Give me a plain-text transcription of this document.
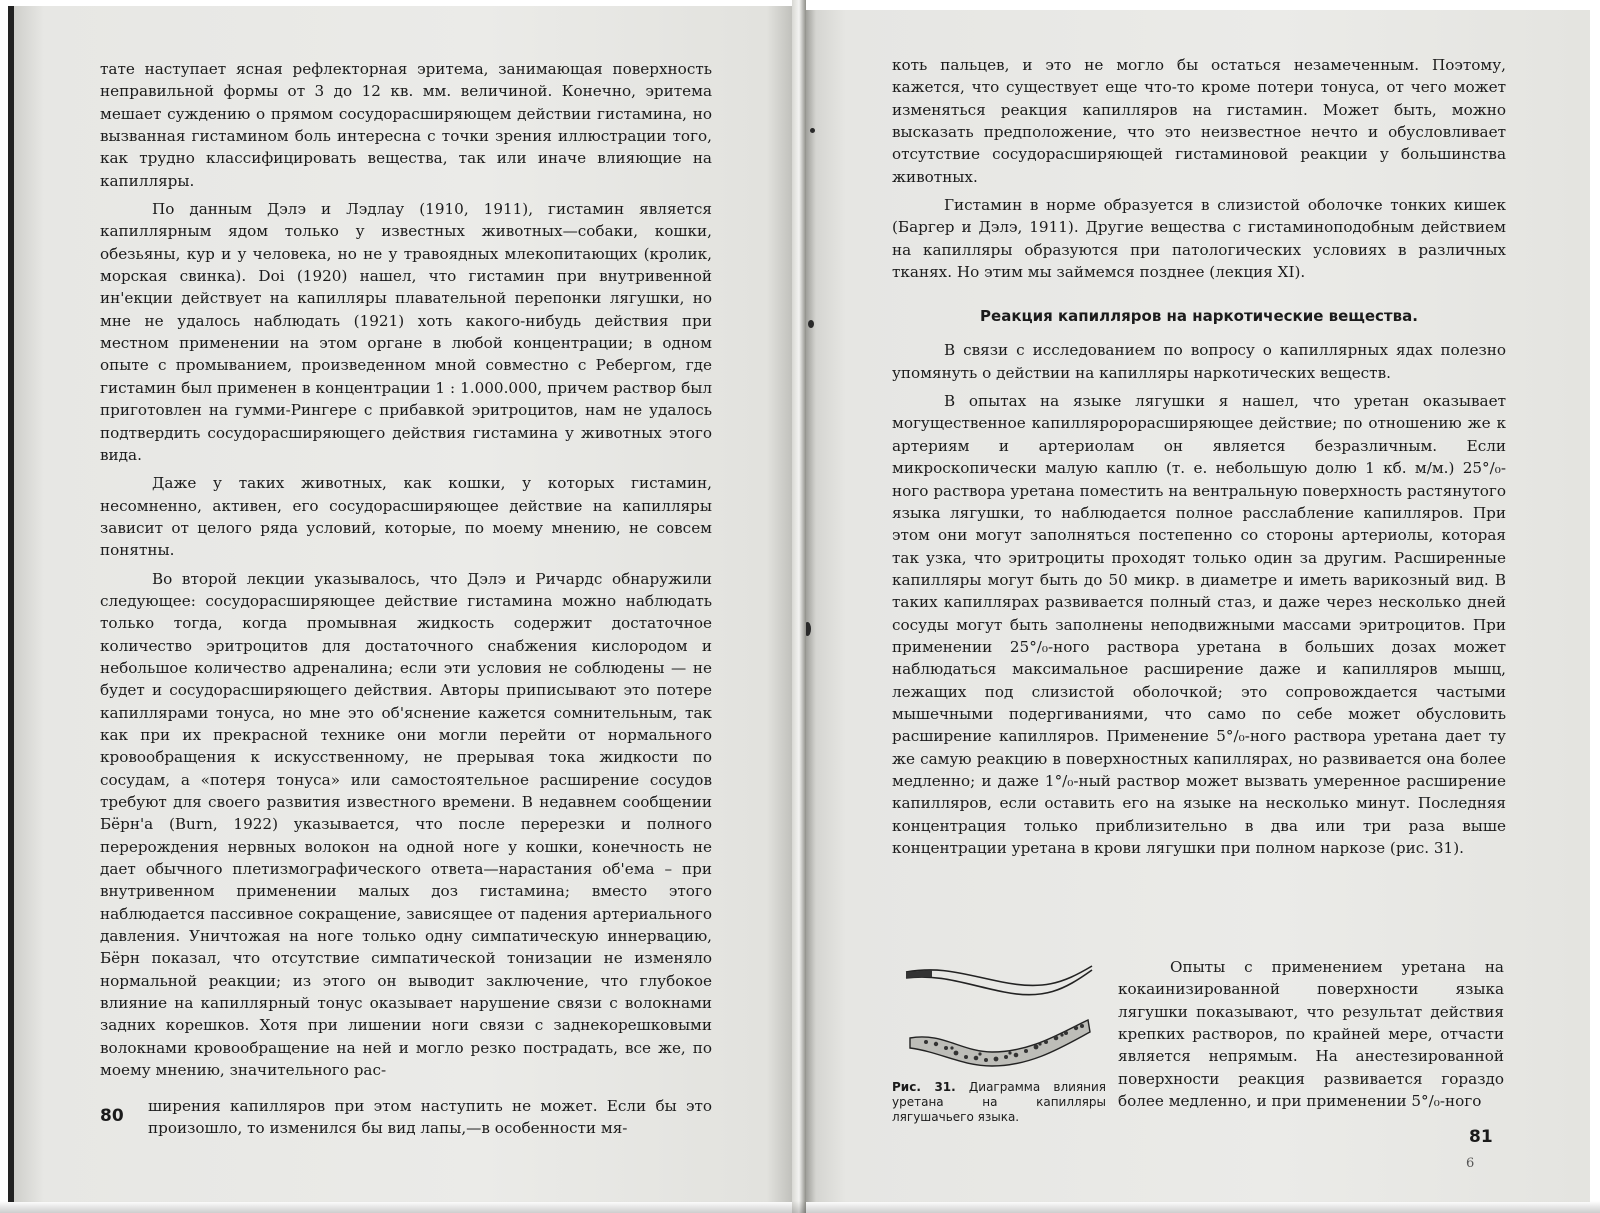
тате наступает ясная рефлекторная эритема, занимающая поверхность неправильной формы от 3 до 12 кв. мм. величиной. Конечно, эритема мешает суждению о прямом сосудорасширяющем действии гистамина, но вызванная гистамином боль интересна с точки зрения иллюстрации того, как трудно классифицировать вещества, так или иначе влияющие на капилляры.

По данным Дэлэ и Лэдлау (1910, 1911), гистамин является капиллярным ядом только у известных животных—собаки, кошки, обезьяны, кур и у человека, но не у травоядных млекопитающих (кролик, морская свинка). Doi (1920) нашел, что гистамин при внутривенной ин'екции действует на капилляры плавательной перепонки лягушки, но мне не удалось наблюдать (1921) хоть какого-нибудь действия при местном применении на этом органе в любой концентрации; в одном опыте с промыванием, произведенном мной совместно с Ребергом, где гистамин был применен в концентрации 1 : 1.000.000, причем раствор был приготовлен на гумми-Рингере с прибавкой эритроцитов, нам не удалось подтвердить сосудорасширяющего действия гистамина у животных этого вида.

Даже у таких животных, как кошки, у которых гистамин, несомненно, активен, его сосудорасширяющее действие на капилляры зависит от целого ряда условий, которые, по моему мнению, не совсем понятны.

Во второй лекции указывалось, что Дэлэ и Ричардс обнаружили следующее: сосудорасширяющее действие гистамина можно наблюдать только тогда, когда промывная жидкость содержит достаточное количество эритроцитов для достаточного снабжения кислородом и небольшое количество адреналина; если эти условия не соблюдены — не будет и сосудорасширяющего действия. Авторы приписывают это потере капиллярами тонуса, но мне это об'яснение кажется сомнительным, так как при их прекрасной технике они могли перейти от нормального кровообращения к искусственному, не прерывая тока жидкости по сосудам, а «потеря тонуса» или самостоятельное расширение сосудов требуют для своего развития известного времени. В недавнем сообщении Бёрн'а (Burn, 1922) указывается, что после перерезки и полного перерождения нервных волокон на одной ноге у кошки, конечность не дает обычного плетизмографического ответа—нарастания об'ема – при внутривенном применении малых доз гистамина; вместо этого наблюдается пассивное сокращение, зависящее от падения артериального давления. Уничтожая на ноге только одну симпатическую иннервацию, Бёрн показал, что отсутствие симпатической тонизации не изменяло нормальной реакции; из этого он выводит заключение, что глубокое влияние на капиллярный тонус оказывает нарушение связи с волокнами задних корешков. Хотя при лишении ноги связи с заднекорешковыми волокнами кровообращение на ней и могло резко пострадать, все же, по моему мнению, значительного рас-

ширения капилляров при этом наступить не может. Если бы это произошло, то изменился бы вид лапы,—в особенности мя-

80

коть пальцев, и это не могло бы остаться незамеченным. Поэтому, кажется, что существует еще что-то кроме потери тонуса, от чего может изменяться реакция капилляров на гистамин. Может быть, можно высказать предположение, что это неизвестное нечто и обусловливает отсутствие сосудорасширяющей гистаминовой реакции у большинства животных.

Гистамин в норме образуется в слизистой оболочке тонких кишек (Баргер и Дэлэ, 1911). Другие вещества с гистаминоподобным действием на капилляры образуются при патологических условиях в различных тканях. Но этим мы займемся позднее (лекция XI).

Реакция капилляров на наркотические вещества.

В связи с исследованием по вопросу о капиллярных ядах полезно упомянуть о действии на капилляры наркотических веществ.

В опытах на языке лягушки я нашел, что уретан оказывает могущественное капилляророрасширяющее действие; по отношению же к артериям и артериолам он является безразличным. Если микроскопически малую каплю (т. е. небольшую долю 1 кб. м/м.) 25°/₀-ного раствора уретана поместить на вентральную поверхность растянутого языка лягушки, то наблюдается полное расслабление капилляров. При этом они могут заполняться постепенно со стороны артериолы, которая так узка, что эритроциты проходят только один за другим. Расширенные капилляры могут быть до 50 микр. в диаметре и иметь варикозный вид. В таких капиллярах развивается полный стаз, и даже через несколько дней сосуды могут быть заполнены неподвижными массами эритроцитов. При применении 25°/₀-ного раствора уретана в больших дозах может наблюдаться максимальное расширение даже и капилляров мышц, лежащих под слизистой оболочкой; это сопровождается частыми мышечными подергиваниями, что само по себе может обусловить расширение капилляров. Применение 5°/₀-ного раствора уретана дает ту же самую реакцию в поверхностных капиллярах, но развивается она более медленно; и даже 1°/₀-ный раствор может вызвать умеренное расширение капилляров, если оставить его на языке на несколько минут. Последняя концентрация только приблизительно в два или три раза выше концентрации уретана в крови лягушки при полном наркозе (рис. 31).

Рис. 31. Диаграмма влияния уретана на капилляры лягушачьего языка.

Опыты с применением уретана на кокаинизированной поверхности языка лягушки показывают, что результат действия крепких растворов, по крайней мере, отчасти является непрямым. На анестезированной поверхности реакция развивается гораздо более медленно, и при применении 5°/₀-ного

81
6
